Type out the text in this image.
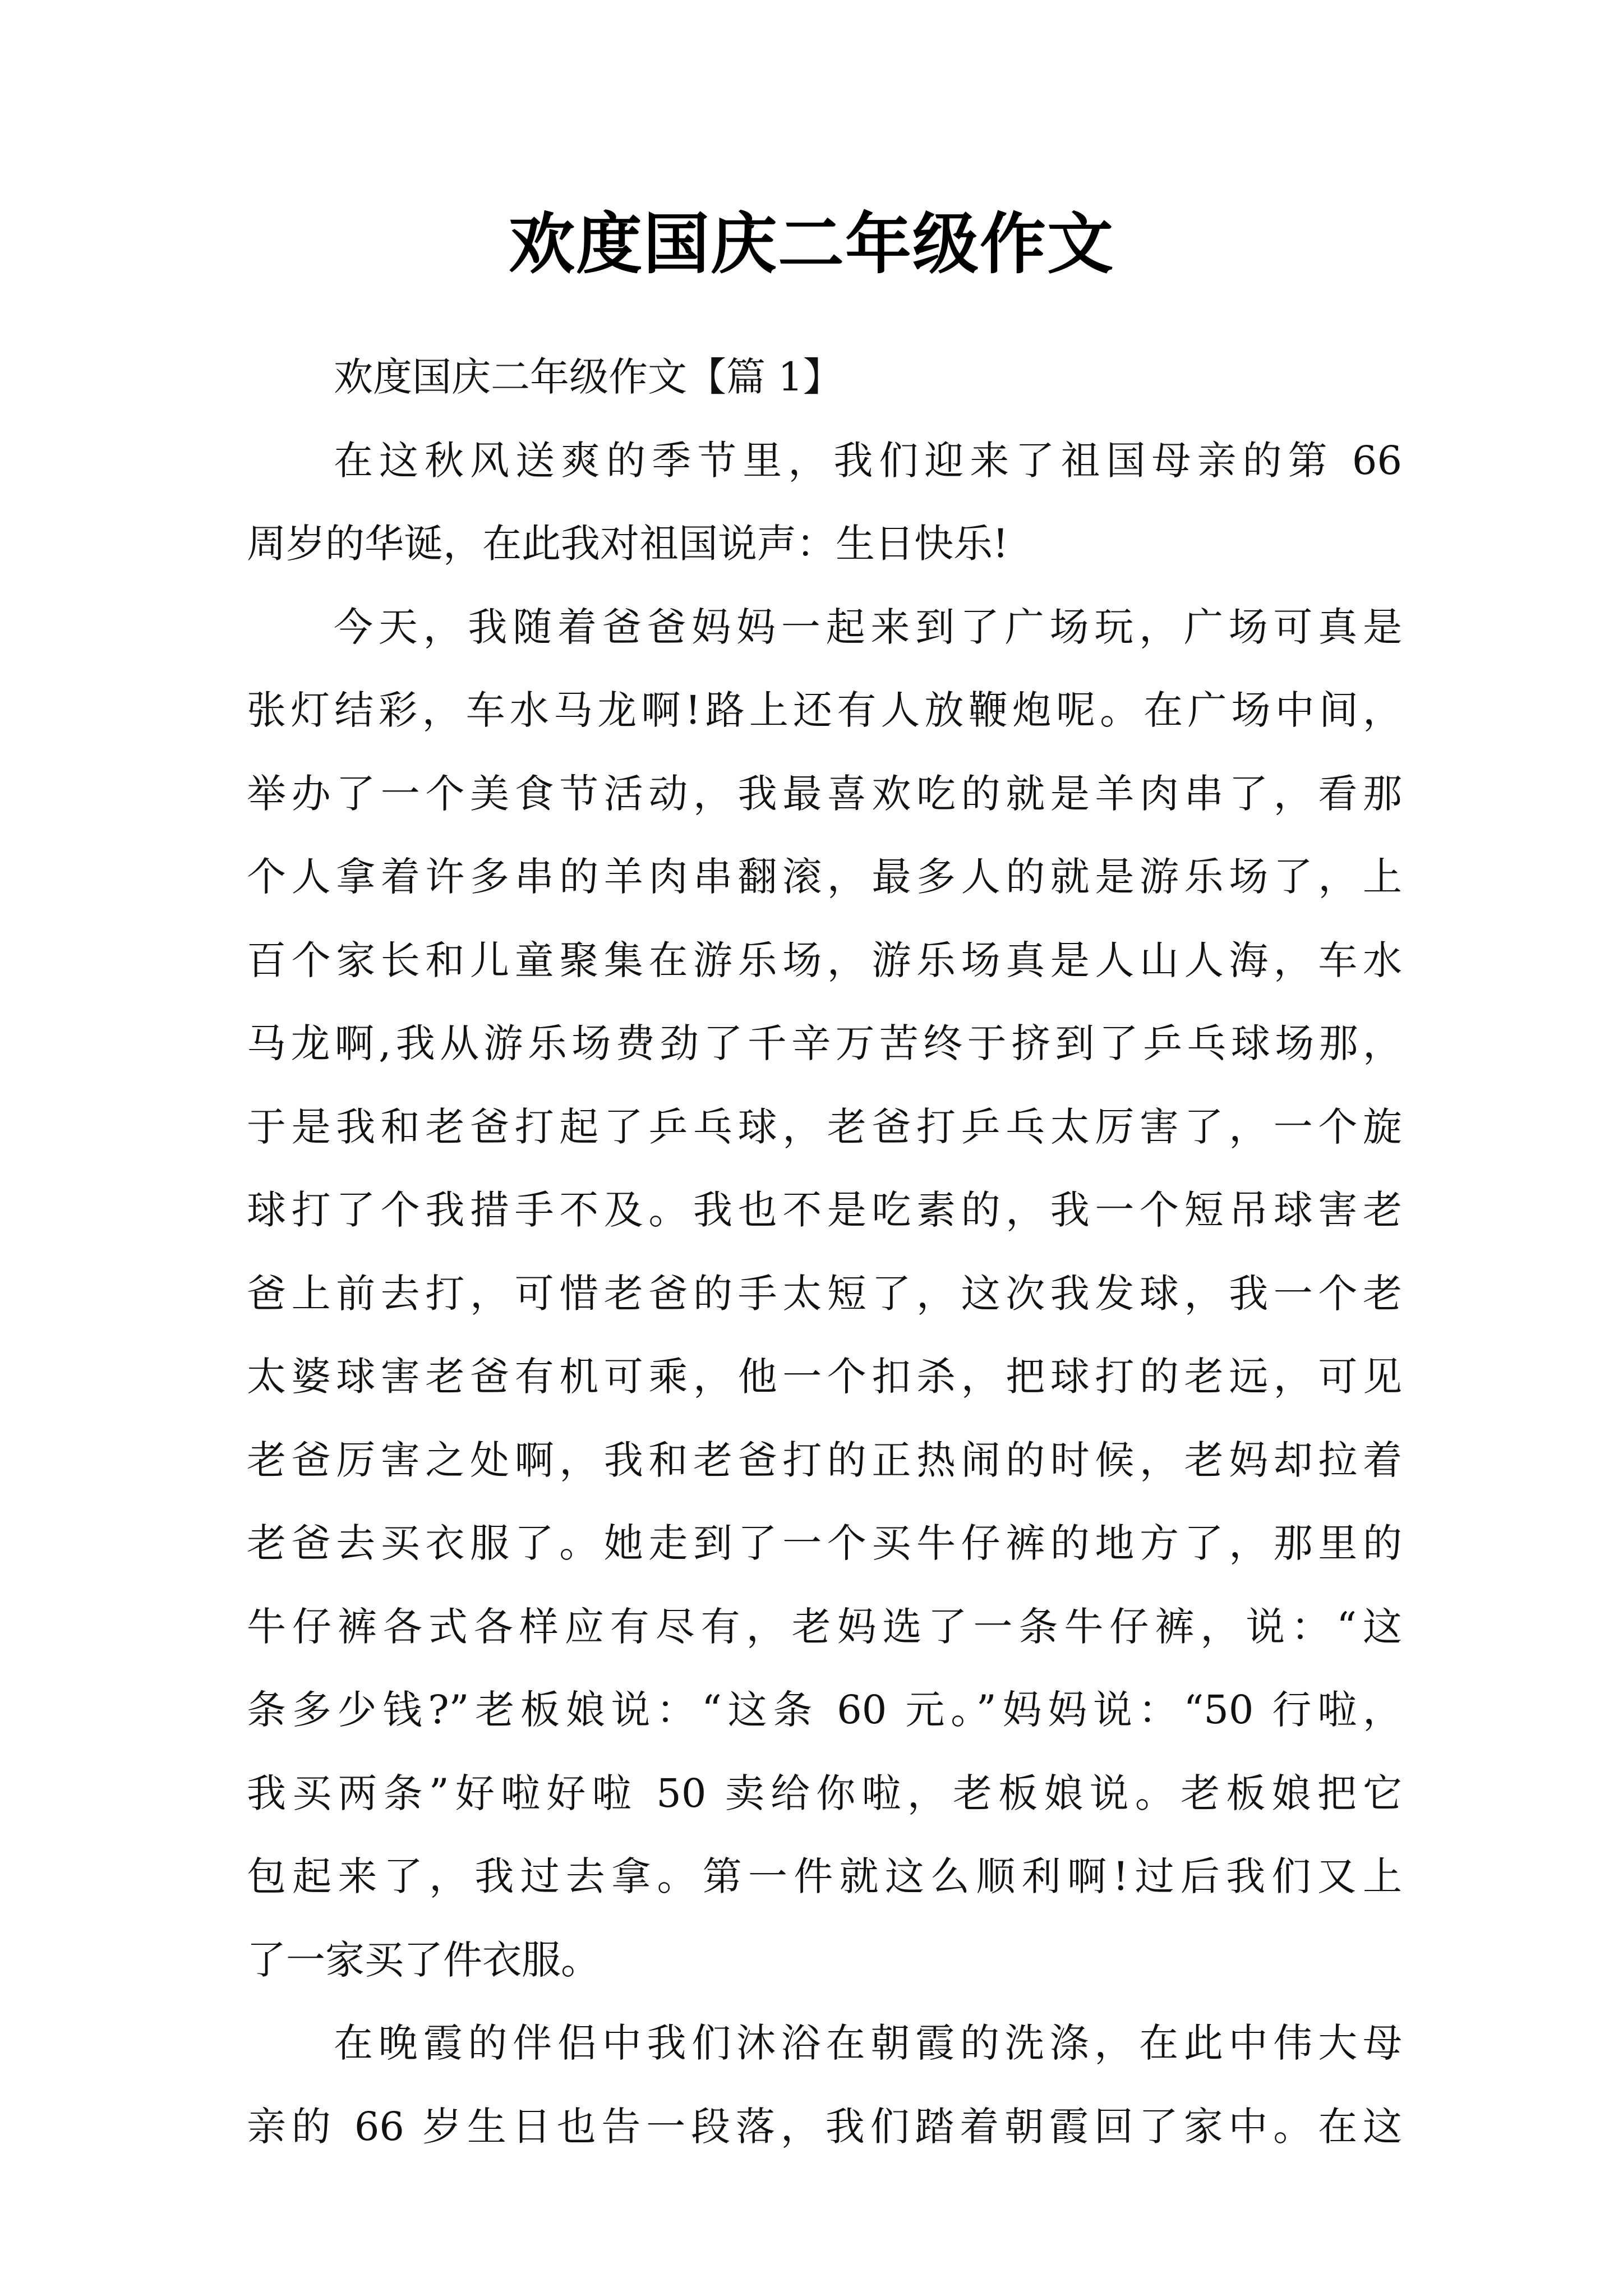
欢度国庆二年级作文
欢度国庆二年级作文【篇 1】
在这秋风送爽的季节里，我们迎来了祖国母亲的第 66
周岁的华诞，在此我对祖国说声：生日快乐!
今天，我随着爸爸妈妈一起来到了广场玩，广场可真是
张灯结彩，车水马龙啊!路上还有人放鞭炮呢。在广场中间，
举办了一个美食节活动，我最喜欢吃的就是羊肉串了，看那
个人拿着许多串的羊肉串翻滚，最多人的就是游乐场了，上
百个家长和儿童聚集在游乐场，游乐场真是人山人海，车水
马龙啊,我从游乐场费劲了千辛万苦终于挤到了乒乓球场那，
于是我和老爸打起了乒乓球，老爸打乒乓太厉害了，一个旋
球打了个我措手不及。我也不是吃素的，我一个短吊球害老
爸上前去打，可惜老爸的手太短了，这次我发球，我一个老
太婆球害老爸有机可乘，他一个扣杀，把球打的老远，可见
老爸厉害之处啊，我和老爸打的正热闹的时候，老妈却拉着
老爸去买衣服了。她走到了一个买牛仔裤的地方了，那里的
牛仔裤各式各样应有尽有，老妈选了一条牛仔裤，说：“这
条多少钱?”老板娘说：“这条 60 元。”妈妈说：“50 行啦，
我买两条”好啦好啦 50 卖给你啦，老板娘说。老板娘把它
包起来了，我过去拿。第一件就这么顺利啊!过后我们又上
了一家买了件衣服。
在晚霞的伴侣中我们沐浴在朝霞的洗涤，在此中伟大母
亲的 66 岁生日也告一段落，我们踏着朝霞回了家中。在这
